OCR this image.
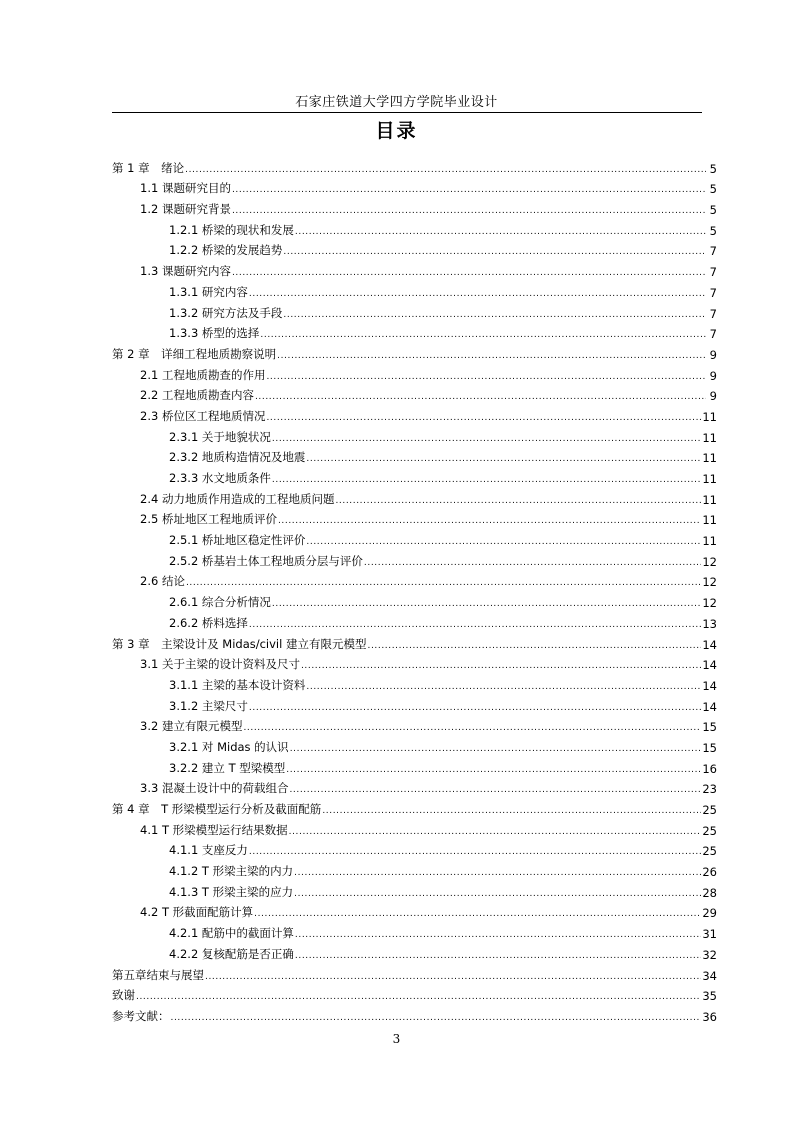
石家庄铁道大学四方学院毕业设计
目录
第 1 章　绪论 .....	5
1.1 课题研究目的 .....	5
1.2 课题研究背景 .....	5
1.2.1 桥梁的现状和发展 .....	5
1.2.2 桥梁的发展趋势 .....	7
1.3 课题研究内容 .....	7
1.3.1 研究内容 .....	7
1.3.2 研究方法及手段 .....	7
1.3.3 桥型的选择 .....	7
第 2 章　详细工程地质勘察说明 .....	9
2.1 工程地质勘查的作用 .....	9
2.2 工程地质勘查内容 .....	9
2.3 桥位区工程地质情况 .....	11
2.3.1 关于地貌状况 .....	11
2.3.2 地质构造情况及地震 .....	11
2.3.3 水文地质条件 .....	11
2.4 动力地质作用造成的工程地质问题 .....	11
2.5 桥址地区工程地质评价 .....	11
2.5.1 桥址地区稳定性评价 .....	11
2.5.2 桥基岩土体工程地质分层与评价 .....	12
2.6 结论 .....	12
2.6.1 综合分析情况 .....	12
2.6.2 桥料选择 .....	13
第 3 章　主梁设计及 Midas/civil 建立有限元模型 .....	14
3.1 关于主梁的设计资料及尺寸 .....	14
3.1.1 主梁的基本设计资料 .....	14
3.1.2 主梁尺寸 .....	14
3.2 建立有限元模型 .....	15
3.2.1 对 Midas 的认识 .....	15
3.2.2 建立 T 型梁模型 .....	16
3.3 混凝土设计中的荷载组合 .....	23
第 4 章　T 形梁模型运行分析及截面配筋 .....	25
4.1 T 形梁模型运行结果数据 .....	25
4.1.1 支座反力 .....	25
4.1.2 T 形梁主梁的内力 .....	26
4.1.3 T 形梁主梁的应力 .....	28
4.2 T 形截面配筋计算 .....	29
4.2.1 配筋中的截面计算 .....	31
4.2.2 复核配筋是否正确 .....	32
第五章结束与展望 .....	34
致谢 .....	35
参考文献： .....	36
3
